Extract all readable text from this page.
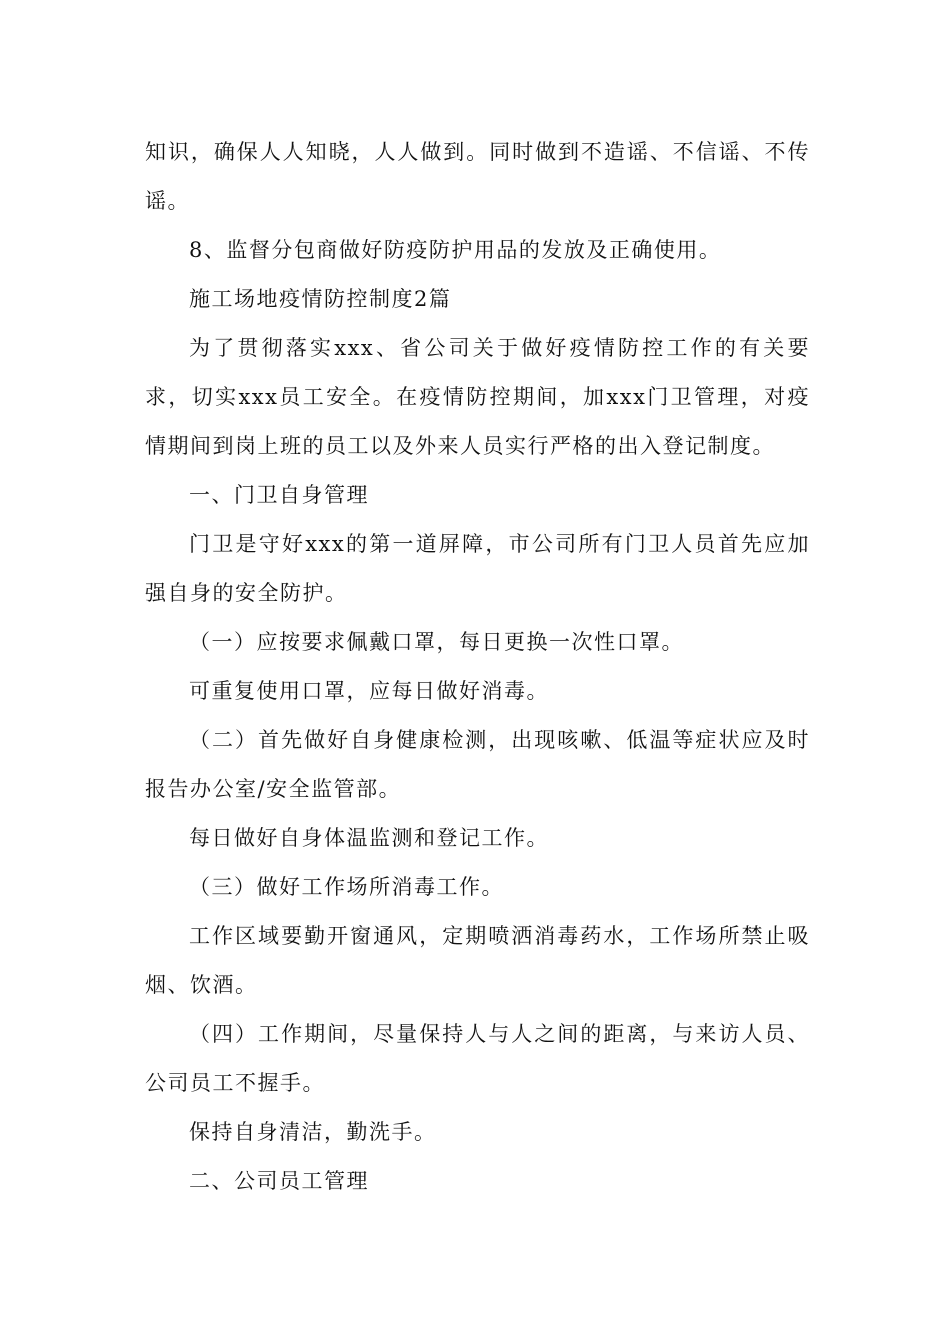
知识，确保人人知晓，人人做到。同时做到不造谣、不信谣、不传谣。

8、监督分包商做好防疫防护用品的发放及正确使用。

施工场地疫情防控制度2篇

为了贯彻落实xxx、省公司关于做好疫情防控工作的有关要求，切实xxx员工安全。在疫情防控期间，加xxx门卫管理，对疫情期间到岗上班的员工以及外来人员实行严格的出入登记制度。

一、门卫自身管理

门卫是守好xxx的第一道屏障，市公司所有门卫人员首先应加强自身的安全防护。

（一）应按要求佩戴口罩，每日更换一次性口罩。

可重复使用口罩，应每日做好消毒。

（二）首先做好自身健康检测，出现咳嗽、低温等症状应及时报告办公室/安全监管部。

每日做好自身体温监测和登记工作。

（三）做好工作场所消毒工作。

工作区域要勤开窗通风，定期喷洒消毒药水，工作场所禁止吸烟、饮酒。

（四）工作期间，尽量保持人与人之间的距离，与来访人员、公司员工不握手。

保持自身清洁，勤洗手。

二、公司员工管理
